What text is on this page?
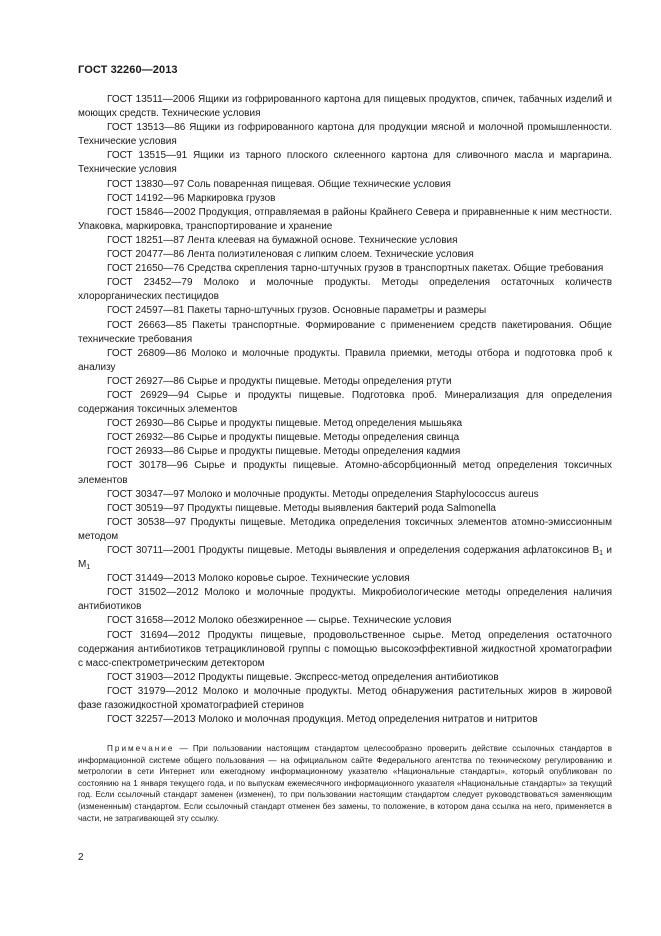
ГОСТ 32260—2013

ГОСТ 13511—2006 Ящики из гофрированного картона для пищевых продуктов, спичек, табачных изделий и моющих средств. Технические условия

ГОСТ 13513—86 Ящики из гофрированного картона для продукции мясной и молочной промышленности. Технические условия

ГОСТ 13515—91 Ящики из тарного плоского склеенного картона для сливочного масла и маргарина. Технические условия

ГОСТ 13830—97 Соль поваренная пищевая. Общие технические условия

ГОСТ 14192—96 Маркировка грузов

ГОСТ 15846—2002 Продукция, отправляемая в районы Крайнего Севера и приравненные к ним местности. Упаковка, маркировка, транспортирование и хранение

ГОСТ 18251—87 Лента клеевая на бумажной основе. Технические условия

ГОСТ 20477—86 Лента полиэтиленовая с липким слоем. Технические условия

ГОСТ 21650—76 Средства скрепления тарно-штучных грузов в транспортных пакетах. Общие требования

ГОСТ 23452—79 Молоко и молочные продукты. Методы определения остаточных количеств хлорорганических пестицидов

ГОСТ 24597—81 Пакеты тарно-штучных грузов. Основные параметры и размеры

ГОСТ 26663—85 Пакеты транспортные. Формирование с применением средств пакетирования. Общие технические требования

ГОСТ 26809—86 Молоко и молочные продукты. Правила приемки, методы отбора и подготовка проб к анализу

ГОСТ 26927—86 Сырье и продукты пищевые. Методы определения ртути

ГОСТ 26929—94 Сырье и продукты пищевые. Подготовка проб. Минерализация для определения содержания токсичных элементов

ГОСТ 26930—86 Сырье и продукты пищевые. Метод определения мышьяка

ГОСТ 26932—86 Сырье и продукты пищевые. Методы определения свинца

ГОСТ 26933—86 Сырье и продукты пищевые. Методы определения кадмия

ГОСТ 30178—96 Сырье и продукты пищевые. Атомно-абсорбционный метод определения токсичных элементов

ГОСТ 30347—97 Молоко и молочные продукты. Методы определения Staphylococcus aureus

ГОСТ 30519—97 Продукты пищевые. Методы выявления бактерий рода Salmonella

ГОСТ 30538—97 Продукты пищевые. Методика определения токсичных элементов атомно-эмиссионным методом

ГОСТ 30711—2001 Продукты пищевые. Методы выявления и определения содержания афлатоксинов $В_1$ и $М_1$

ГОСТ 31449—2013 Молоко коровье сырое. Технические условия

ГОСТ 31502—2012 Молоко и молочные продукты. Микробиологические методы определения наличия антибиотиков

ГОСТ 31658—2012 Молоко обезжиренное — сырье. Технические условия

ГОСТ 31694—2012 Продукты пищевые, продовольственное сырье. Метод определения остаточного содержания антибиотиков тетрациклиновой группы с помощью высокоэффективной жидкостной хроматографии с масс-спектрометрическим детектором

ГОСТ 31903—2012 Продукты пищевые. Экспресс-метод определения антибиотиков

ГОСТ 31979—2012 Молоко и молочные продукты. Метод обнаружения растительных жиров в жировой фазе газожидкостной хроматографией стеринов

ГОСТ 32257—2013 Молоко и молочная продукция. Метод определения нитратов и нитритов

Примечание — При пользовании настоящим стандартом целесообразно проверить действие ссылочных стандартов в информационной системе общего пользования — на официальном сайте Федерального агентства по техническому регулированию и метрологии в сети Интернет или ежегодному информационному указателю «Национальные стандарты», который опубликован по состоянию на 1 января текущего года, и по выпускам ежемесячного информационного указателя «Национальные стандарты» за текущий год. Если ссылочный стандарт заменен (изменен), то при пользовании настоящим стандартом следует руководствоваться заменяющим (измененным) стандартом. Если ссылочный стандарт отменен без замены, то положение, в котором дана ссылка на него, применяется в части, не затрагивающей эту ссылку.
2
